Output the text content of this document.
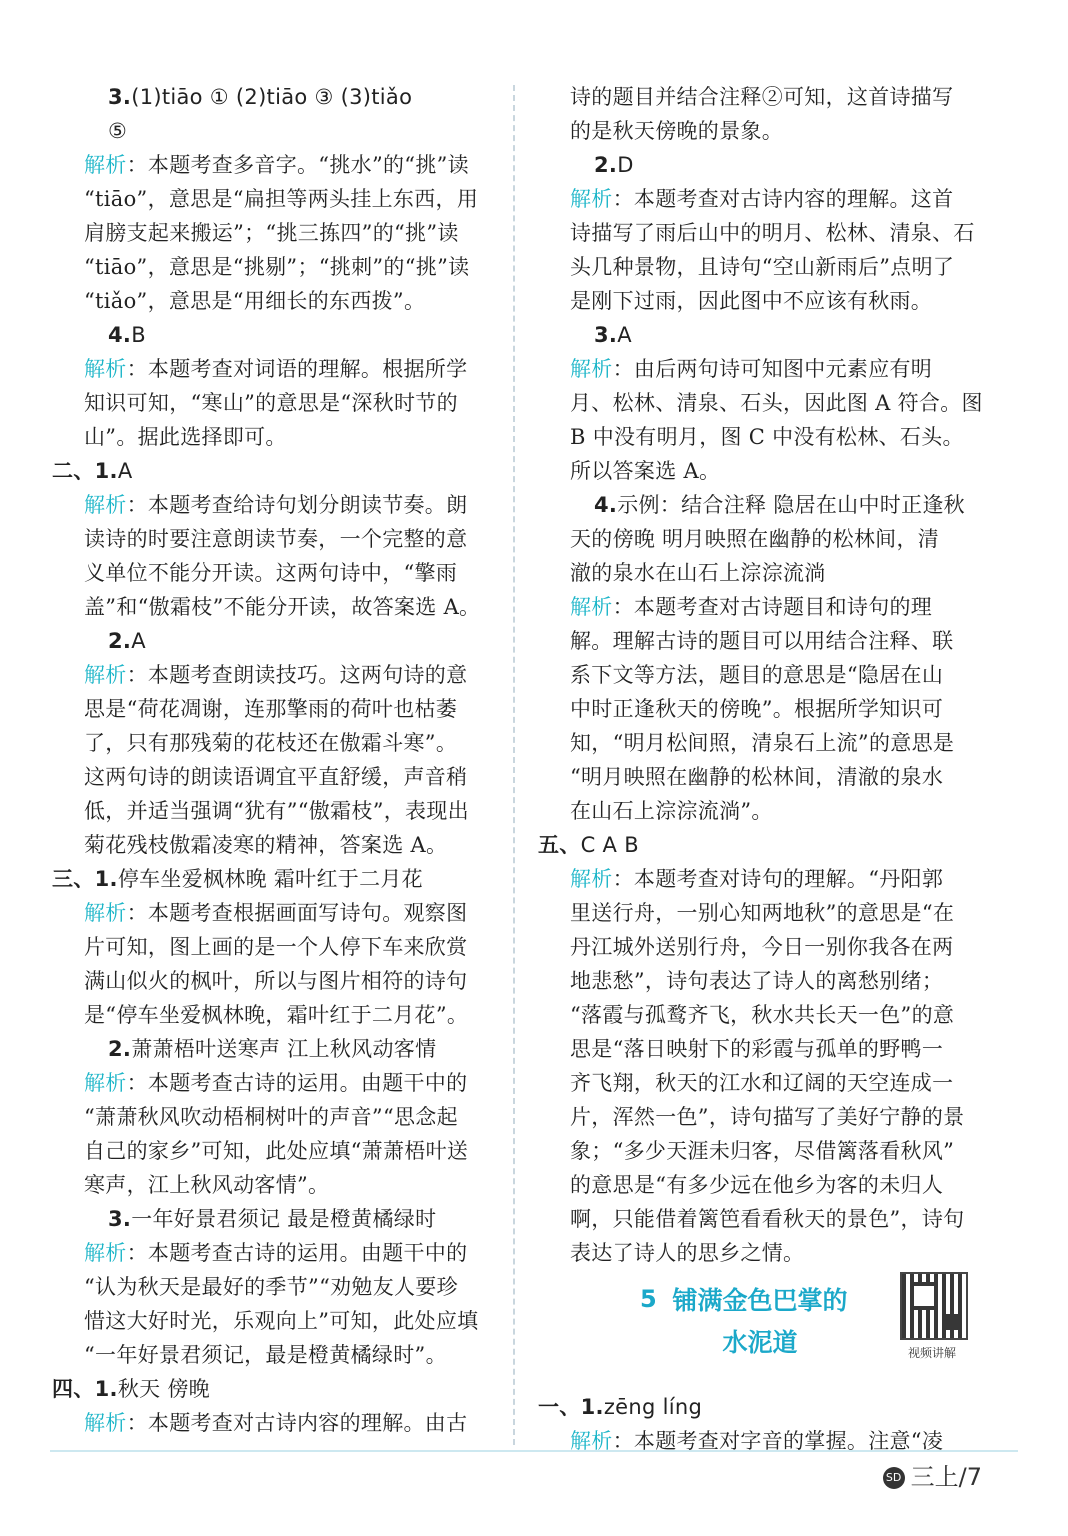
3.(1)tiāo ① (2)tiāo ③ (3)tiǎo
⑤
解析：本题考查多音字。“挑水”的“挑”读
“tiāo”，意思是“扁担等两头挂上东西，用
肩膀支起来搬运”；“挑三拣四”的“挑”读
“tiāo”，意思是“挑剔”；“挑刺”的“挑”读
“tiǎo”，意思是“用细长的东西拨”。
4.B
解析：本题考查对词语的理解。根据所学
知识可知，“寒山”的意思是“深秋时节的
山”。据此选择即可。
二、1.A
解析：本题考查给诗句划分朗读节奏。朗
读诗的时要注意朗读节奏，一个完整的意
义单位不能分开读。这两句诗中，“擎雨
盖”和“傲霜枝”不能分开读，故答案选 A。
2.A
解析：本题考查朗读技巧。这两句诗的意
思是“荷花凋谢，连那擎雨的荷叶也枯萎
了，只有那残菊的花枝还在傲霜斗寒”。
这两句诗的朗读语调宜平直舒缓，声音稍
低，并适当强调“犹有”“傲霜枝”，表现出
菊花残枝傲霜凌寒的精神，答案选 A。
三、1.停车坐爱枫林晚 霜叶红于二月花
解析：本题考查根据画面写诗句。观察图
片可知，图上画的是一个人停下车来欣赏
满山似火的枫叶，所以与图片相符的诗句
是“停车坐爱枫林晚，霜叶红于二月花”。
2.萧萧梧叶送寒声 江上秋风动客情
解析：本题考查古诗的运用。由题干中的
“萧萧秋风吹动梧桐树叶的声音”“思念起
自己的家乡”可知，此处应填“萧萧梧叶送
寒声，江上秋风动客情”。
3.一年好景君须记 最是橙黄橘绿时
解析：本题考查古诗的运用。由题干中的
“认为秋天是最好的季节”“劝勉友人要珍
惜这大好时光，乐观向上”可知，此处应填
“一年好景君须记，最是橙黄橘绿时”。
四、1.秋天 傍晚
解析：本题考查对古诗内容的理解。由古
诗的题目并结合注释②可知，这首诗描写
的是秋天傍晚的景象。
2.D
解析：本题考查对古诗内容的理解。这首
诗描写了雨后山中的明月、松林、清泉、石
头几种景物，且诗句“空山新雨后”点明了
是刚下过雨，因此图中不应该有秋雨。
3.A
解析：由后两句诗可知图中元素应有明
月、松林、清泉、石头，因此图 A 符合。图
B 中没有明月，图 C 中没有松林、石头。
所以答案选 A。
4.示例：结合注释 隐居在山中时正逢秋
天的傍晚 明月映照在幽静的松林间，清
澈的泉水在山石上淙淙流淌
解析：本题考查对古诗题目和诗句的理
解。理解古诗的题目可以用结合注释、联
系下文等方法，题目的意思是“隐居在山
中时正逢秋天的傍晚”。根据所学知识可
知，“明月松间照，清泉石上流”的意思是
“明月映照在幽静的松林间，清澈的泉水
在山石上淙淙流淌”。
五、C A B
解析：本题考查对诗句的理解。“丹阳郭
里送行舟，一别心知两地秋”的意思是“在
丹江城外送别行舟，今日一别你我各在两
地悲愁”，诗句表达了诗人的离愁别绪；
“落霞与孤鹜齐飞，秋水共长天一色”的意
思是“落日映射下的彩霞与孤单的野鸭一
齐飞翔，秋天的江水和辽阔的天空连成一
片，浑然一色”，诗句描写了美好宁静的景
象；“多少天涯未归客，尽借篱落看秋风”
的意思是“有多少远在他乡为客的未归人
啊，只能借着篱笆看看秋天的景色”，诗句
表达了诗人的思乡之情。
5 铺满金色巴掌的
水泥道	视频讲解
一、1.zēng líng
解析：本题考查对字音的掌握。注意“凌
SD 三上/7
